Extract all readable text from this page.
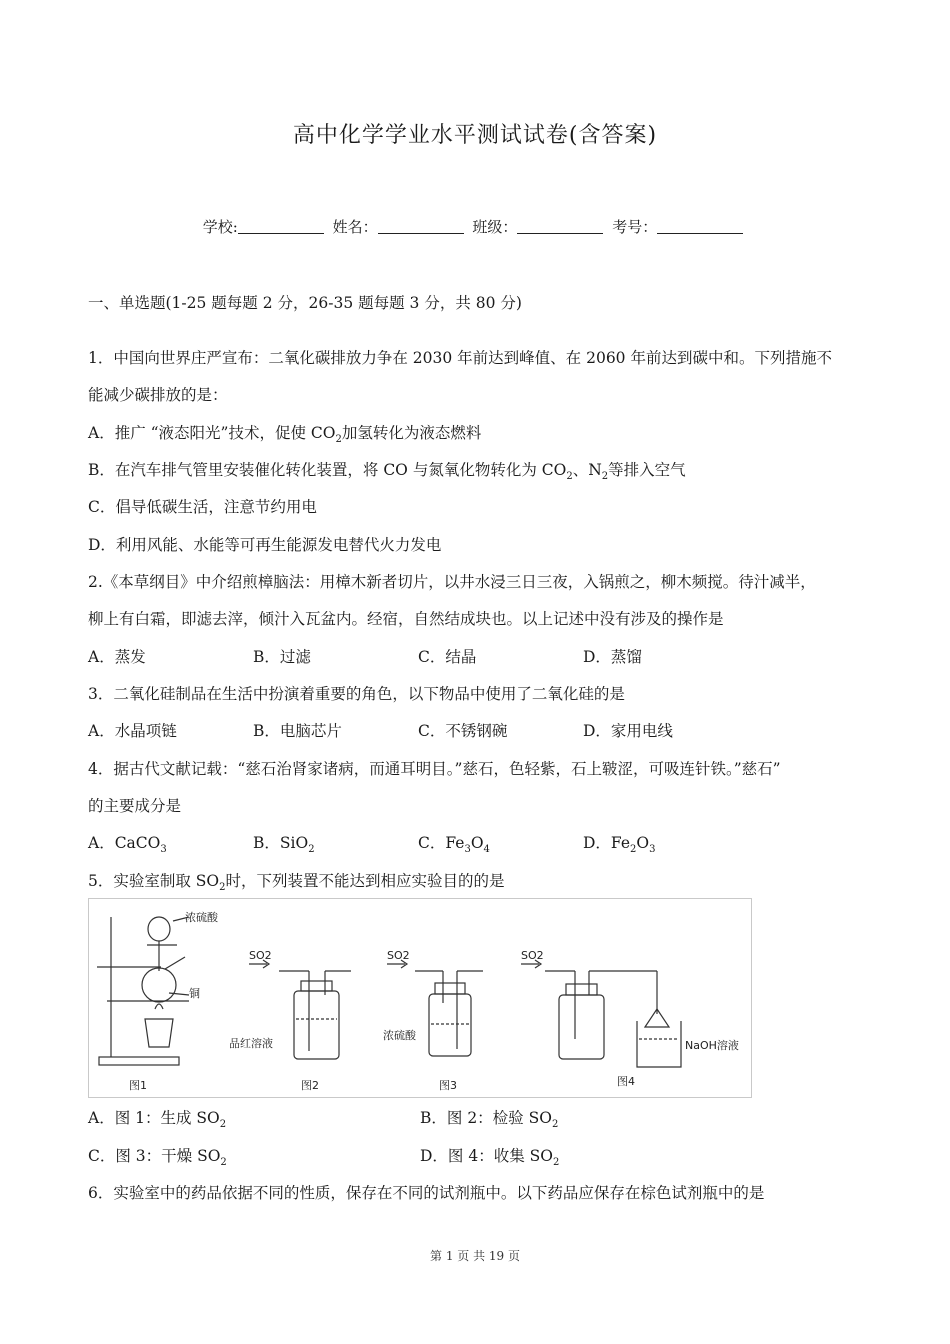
高中化学学业水平测试试卷(含答案)
学校:	姓名：	班级：	考号：
一、单选题(1-25 题每题 2 分，26-35 题每题 3 分，共 80 分)
1．中国向世界庄严宣布：二氧化碳排放力争在 2030 年前达到峰值、在 2060 年前达到碳中和。下列措施不
能减少碳排放的是：
A．推广 “液态阳光”技术，促使 $CO_2$加氢转化为液态燃料
B．在汽车排气管里安装催化转化装置，将 CO 与氮氧化物转化为 $CO_2$、$N_2$等排入空气
C．倡导低碳生活，注意节约用电
D．利用风能、水能等可再生能源发电替代火力发电
2.《本草纲目》中介绍煎樟脑法：用樟木新者切片，以井水浸三日三夜，入锅煎之，柳木频搅。待汁减半，
柳上有白霜，即滤去滓，倾汁入瓦盆内。经宿，自然结成块也。以上记述中没有涉及的操作是
A．蒸发	B．过滤	C．结晶	D．蒸馏
3．二氧化硅制品在生活中扮演着重要的角色，以下物品中使用了二氧化硅的是
A．水晶项链	B．电脑芯片	C．不锈钢碗	D．家用电线
4．据古代文献记载：“慈石治肾家诸病，而通耳明目。”慈石，色轻紫，石上皲涩，可吸连针铁。”慈石”
的主要成分是
A．CaCO$_3$	B．SiO$_2$	C．$Fe_3O_4$	D．$Fe_2O_3$
5．实验室制取 $SO_2$时，下列装置不能达到相应实验目的的是
浓硫酸
铜
SO2
品红溶液
SO2
浓硫酸
SO2
NaOH溶液
图1	图2	图3	图4
A．图 1：生成 $SO_2$	B．图 2：检验 $SO_2$
C．图 3：干燥 $SO_2$	D．图 4：收集 $SO_2$
6．实验室中的药品依据不同的性质，保存在不同的试剂瓶中。以下药品应保存在棕色试剂瓶中的是
第 1 页 共 19 页
